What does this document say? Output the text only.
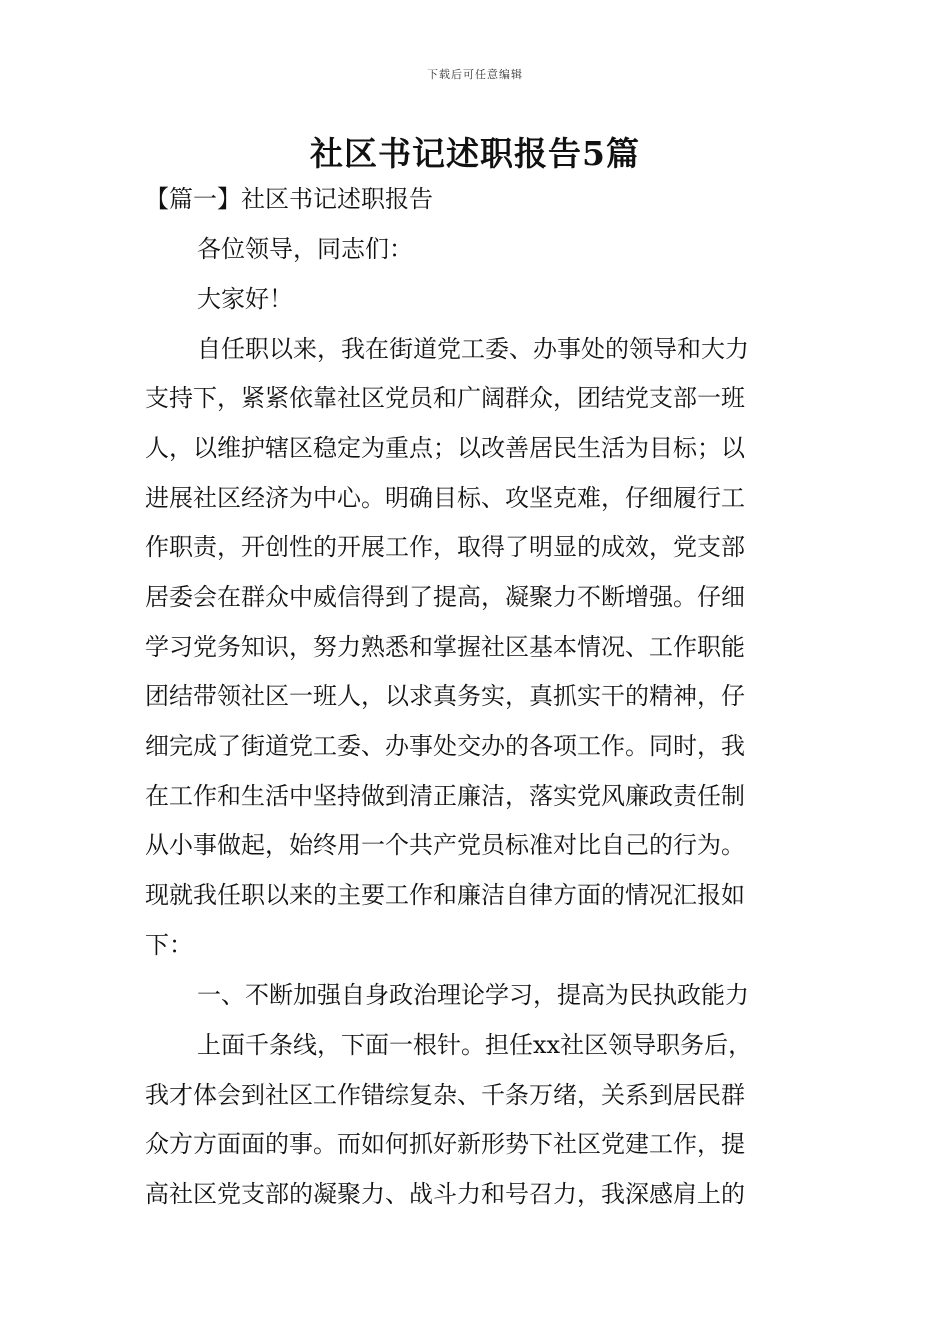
下载后可任意编辑
社区书记述职报告5篇
【篇一】社区书记述职报告
各位领导，同志们：
大家好！
自任职以来，我在街道党工委、办事处的领导和大力
支持下，紧紧依靠社区党员和广阔群众，团结党支部一班
人，以维护辖区稳定为重点；以改善居民生活为目标；以
进展社区经济为中心。明确目标、攻坚克难，仔细履行工
作职责，开创性的开展工作，取得了明显的成效，党支部
居委会在群众中威信得到了提高，凝聚力不断增强。仔细
学习党务知识，努力熟悉和掌握社区基本情况、工作职能
团结带领社区一班人，以求真务实，真抓实干的精神，仔
细完成了街道党工委、办事处交办的各项工作。同时，我
在工作和生活中坚持做到清正廉洁，落实党风廉政责任制
从小事做起，始终用一个共产党员标准对比自己的行为。
现就我任职以来的主要工作和廉洁自律方面的情况汇报如
下：
一、不断加强自身政治理论学习，提高为民执政能力
上面千条线，下面一根针。担任xx社区领导职务后，
我才体会到社区工作错综复杂、千条万绪，关系到居民群
众方方面面的事。而如何抓好新形势下社区党建工作，提
高社区党支部的凝聚力、战斗力和号召力，我深感肩上的
